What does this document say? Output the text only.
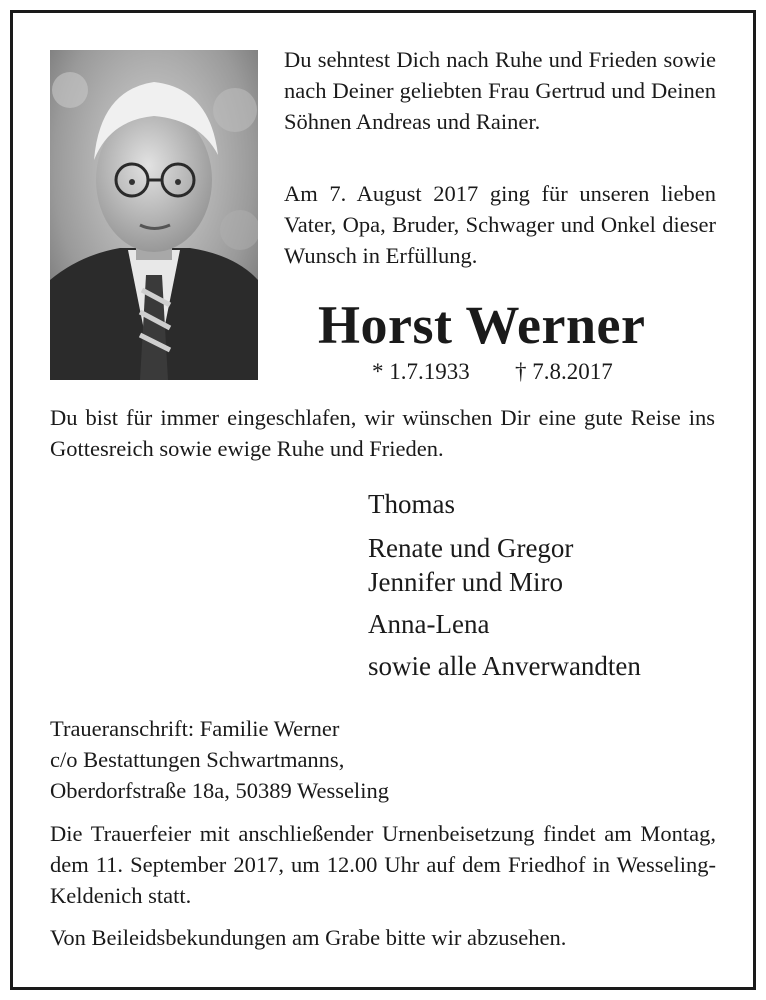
Du sehntest Dich nach Ruhe und Frieden sowie nach Deiner geliebten Frau Gertrud und Deinen Söhnen Andreas und Rainer.

Am 7. August 2017 ging für unseren lieben Vater, Opa, Bruder, Schwager und Onkel dieser Wunsch in Erfüllung.

Horst Werner
* 1.7.1933 † 7.8.2017

Du bist für immer eingeschlafen, wir wünschen Dir eine gute Reise ins Gottesreich sowie ewige Ruhe und Frieden.

Thomas
Renate und Gregor
Jennifer und Miro
Anna-Lena
sowie alle Anverwandten
Traueranschrift: Familie Werner
c/o Bestattungen Schwartmanns,
Oberdorfstraße 18a, 50389 Wesseling

Die Trauerfeier mit anschließender Urnenbeisetzung findet am Montag, dem 11. September 2017, um 12.00 Uhr auf dem Friedhof in Wesseling-Keldenich statt.

Von Beileidsbekundungen am Grabe bitte wir abzusehen.
